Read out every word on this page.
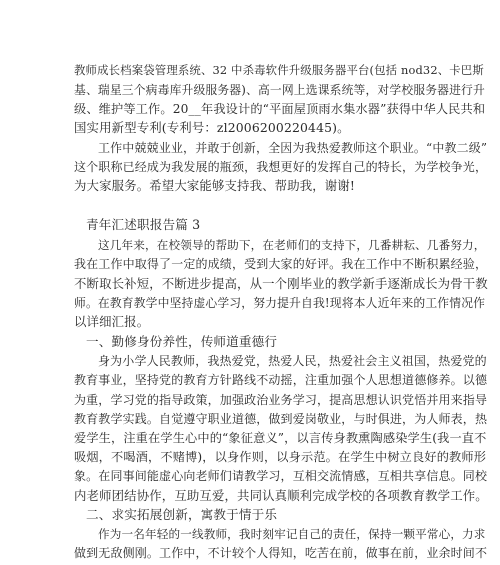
教师成长档案袋管理系统、32 中杀毒软件升级服务器平台(包括 nod32、卡巴斯
基、瑞星三个病毒库升级服务器)、高一网上选课系统等，对学校服务器进行升
级、维护等工作。20__年我设计的“平面屋顶雨水集水器”获得中华人民共和
国实用新型专利(专利号：zl2006200220445)。
工作中兢兢业业，并敢于创新，全因为我热爱教师这个职业。“中教二级”
这个职称已经成为我发展的瓶颈，我想更好的发挥自己的特长，为学校争光，
为大家服务。希望大家能够支持我、帮助我，谢谢!
青年汇述职报告篇 3
这几年来，在校领导的帮助下，在老师们的支持下，几番耕耘、几番努力，
我在工作中取得了一定的成绩，受到大家的好评。我在工作中不断积累经验，
不断取长补短，不断进步提高，从一个刚毕业的教学新手逐渐成长为骨干教
师。在教育教学中坚持虚心学习，努力提升自我!现将本人近年来的工作情况作
以详细汇报。
一、勤修身份养性，传师道重德行
身为小学人民教师，我热爱党，热爱人民，热爱社会主义祖国，热爱党的
教育事业，坚持党的教育方针路线不动摇，注重加强个人思想道德修养。以德
为重，学习党的指导政策，加强政治业务学习，提高思想认识党悟并用来指导
教育教学实践。自觉遵守职业道德，做到爱岗敬业，与时俱进，为人师表，热
爱学生，注重在学生心中的“象征意义”，以言传身教熏陶感染学生(我一直不
吸烟，不喝酒，不赌博)，以身作则，以身示范。在学生中树立良好的教师形
象。在同事间能虚心向老师们请教学习，互相交流情感，互相共享信息。同校
内老师团结协作，互助互爱，共同认真顺利完成学校的各项教育教学工作。
二、求实拓展创新，寓教于情于乐
作为一名年轻的一线教师，我时刻牢记自己的责任，保持一颗平常心，力求
做到无敌侧刚。工作中，不计较个人得知，吃苦在前，做事在前，业余时间不
